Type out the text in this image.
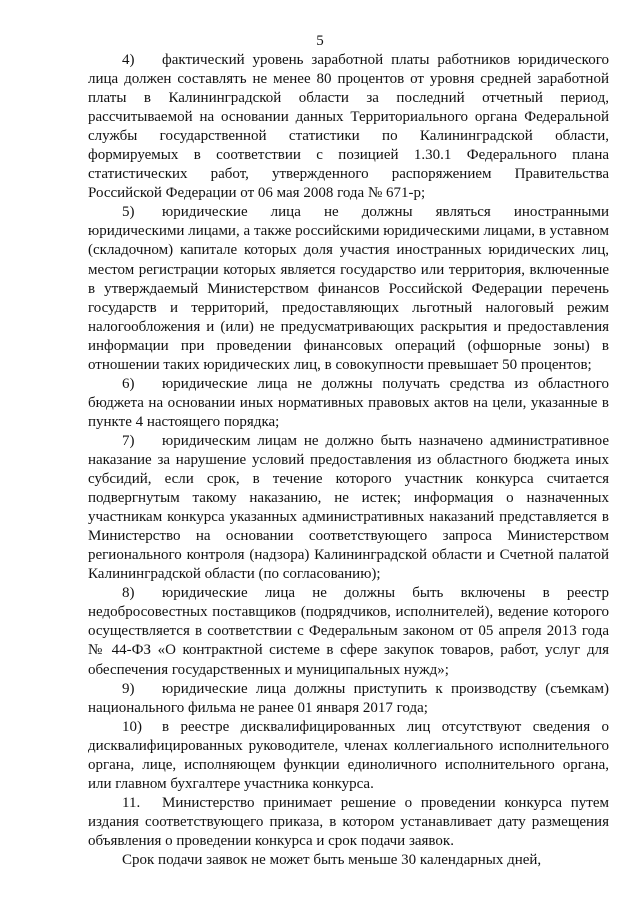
5

4) фактический уровень заработной платы работников юридического лица должен составлять не менее 80 процентов от уровня средней заработной платы в Калининградской области за последний отчетный период, рассчитываемой на основании данных Территориального органа Федеральной службы государственной статистики по Калининградской области, формируемых в соответствии с позицией 1.30.1 Федерального плана статистических работ, утвержденного распоряжением Правительства Российской Федерации от 06 мая 2008 года № 671-р;

5) юридические лица не должны являться иностранными юридическими лицами, а также российскими юридическими лицами, в уставном (складочном) капитале которых доля участия иностранных юридических лиц, местом регистрации которых является государство или территория, включенные в утверждаемый Министерством финансов Российской Федерации перечень государств и территорий, предоставляющих льготный налоговый режим налогообложения и (или) не предусматривающих раскрытия и предоставления информации при проведении финансовых операций (офшорные зоны) в отношении таких юридических лиц, в совокупности превышает 50 процентов;

6) юридические лица не должны получать средства из областного бюджета на основании иных нормативных правовых актов на цели, указанные в пункте 4 настоящего порядка;

7) юридическим лицам не должно быть назначено административное наказание за нарушение условий предоставления из областного бюджета иных субсидий, если срок, в течение которого участник конкурса считается подвергнутым такому наказанию, не истек; информация о назначенных участникам конкурса указанных административных наказаний представляется в Министерство на основании соответствующего запроса Министерством регионального контроля (надзора) Калининградской области и Счетной палатой Калининградской области (по согласованию);

8) юридические лица не должны быть включены в реестр недобросовестных поставщиков (подрядчиков, исполнителей), ведение которого осуществляется в соответствии с Федеральным законом от 05 апреля 2013 года № 44-ФЗ «О контрактной системе в сфере закупок товаров, работ, услуг для обеспечения государственных и муниципальных нужд»;

9) юридические лица должны приступить к производству (съемкам) национального фильма не ранее 01 января 2017 года;

10) в реестре дисквалифицированных лиц отсутствуют сведения о дисквалифицированных руководителе, членах коллегиального исполнительного органа, лице, исполняющем функции единоличного исполнительного органа, или главном бухгалтере участника конкурса.

11. Министерство принимает решение о проведении конкурса путем издания соответствующего приказа, в котором устанавливает дату размещения объявления о проведении конкурса и срок подачи заявок.

Срок подачи заявок не может быть меньше 30 календарных дней,
